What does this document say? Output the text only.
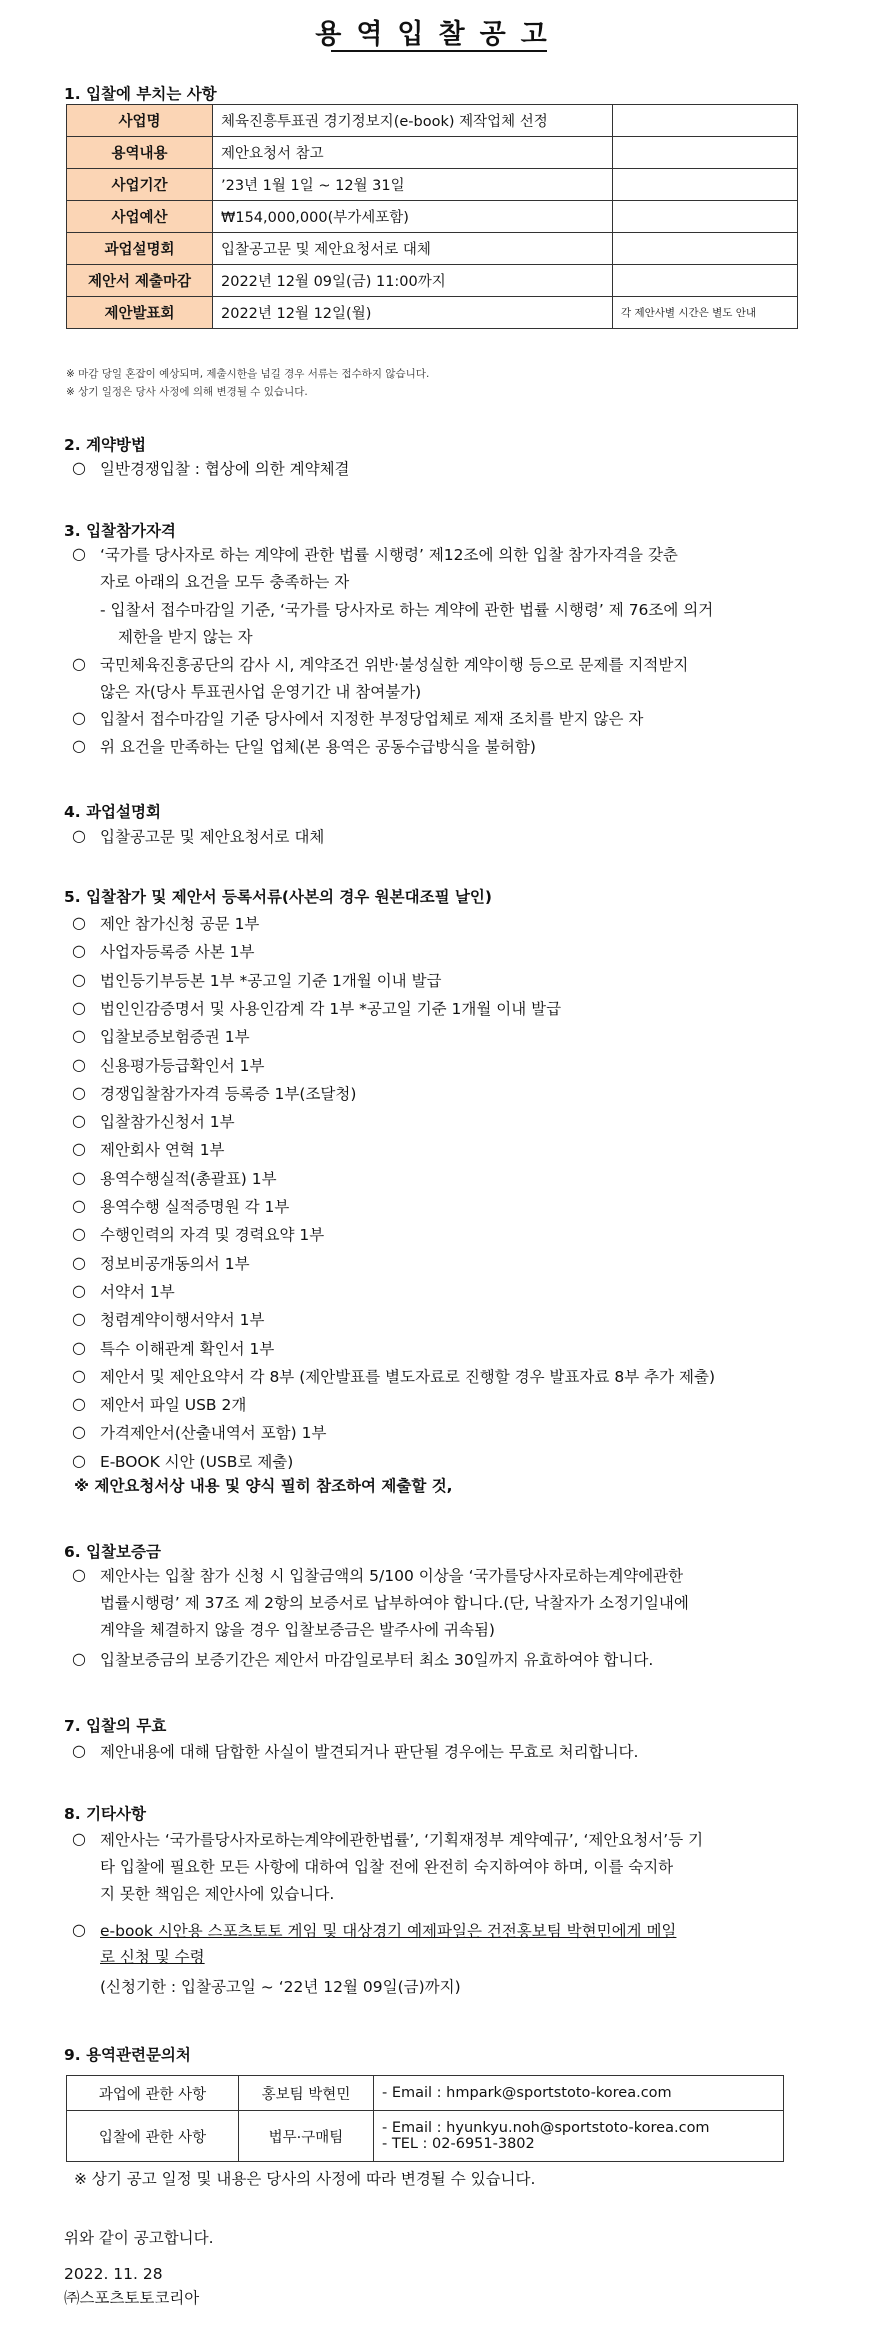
용역입찰공고
1. 입찰에 부치는 사항
사업명	체육진흥투표권 경기정보지(e-book) 제작업체 선정	
용역내용	제안요청서 참고	
사업기간	’23년 1월 1일 ~ 12월 31일	
사업예산	₩154,000,000(부가세포함)	
과업설명회	입찰공고문 및 제안요청서로 대체	
제안서 제출마감	2022년 12월 09일(금) 11:00까지	
제안발표회	2022년 12월 12일(월)	각 제안사별 시간은 별도 안내
※ 마감 당일 혼잡이 예상되며, 제출시한을 넘길 경우 서류는 접수하지 않습니다.
※ 상기 일정은 당사 사정에 의해 변경될 수 있습니다.
2. 계약방법
○ 일반경쟁입찰 : 협상에 의한 계약체결
3. 입찰참가자격
○ ‘국가를 당사자로 하는 계약에 관한 법률 시행령’ 제12조에 의한 입찰 참가자격을 갖춘
자로 아래의 요건을 모두 충족하는 자
- 입찰서 접수마감일 기준, ‘국가를 당사자로 하는 계약에 관한 법률 시행령’ 제 76조에 의거
제한을 받지 않는 자
○ 국민체육진흥공단의 감사 시, 계약조건 위반·불성실한 계약이행 등으로 문제를 지적받지
않은 자(당사 투표권사업 운영기간 내 참여불가)
○ 입찰서 접수마감일 기준 당사에서 지정한 부정당업체로 제재 조치를 받지 않은 자
○ 위 요건을 만족하는 단일 업체(본 용역은 공동수급방식을 불허함)
4. 과업설명회
○ 입찰공고문 및 제안요청서로 대체
5. 입찰참가 및 제안서 등록서류(사본의 경우 원본대조필 날인)
○ 제안 참가신청 공문 1부
○ 사업자등록증 사본 1부
○ 법인등기부등본 1부 *공고일 기준 1개월 이내 발급
○ 법인인감증명서 및 사용인감계 각 1부 *공고일 기준 1개월 이내 발급
○ 입찰보증보험증권 1부
○ 신용평가등급확인서 1부
○ 경쟁입찰참가자격 등록증 1부(조달청)
○ 입찰참가신청서 1부
○ 제안회사 연혁 1부
○ 용역수행실적(총괄표) 1부
○ 용역수행 실적증명원 각 1부
○ 수행인력의 자격 및 경력요약 1부
○ 정보비공개동의서 1부
○ 서약서 1부
○ 청렴계약이행서약서 1부
○ 특수 이해관계 확인서 1부
○ 제안서 및 제안요약서 각 8부 (제안발표를 별도자료로 진행할 경우 발표자료 8부 추가 제출)
○ 제안서 파일 USB 2개
○ 가격제안서(산출내역서 포함) 1부
○ E-BOOK 시안 (USB로 제출)
※ 제안요청서상 내용 및 양식 필히 참조하여 제출할 것,
6. 입찰보증금
○ 제안사는 입찰 참가 신청 시 입찰금액의 5/100 이상을 ‘국가를당사자로하는계약에관한
법률시행령’ 제 37조 제 2항의 보증서로 납부하여야 합니다.(단, 낙찰자가 소정기일내에
계약을 체결하지 않을 경우 입찰보증금은 발주사에 귀속됨)
○ 입찰보증금의 보증기간은 제안서 마감일로부터 최소 30일까지 유효하여야 합니다.
7. 입찰의 무효
○ 제안내용에 대해 담합한 사실이 발견되거나 판단될 경우에는 무효로 처리합니다.
8. 기타사항
○ 제안사는 ‘국가를당사자로하는계약에관한법률’, ‘기획재정부 계약예규’, ‘제안요청서’등 기
타 입찰에 필요한 모든 사항에 대하여 입찰 전에 완전히 숙지하여야 하며, 이를 숙지하
지 못한 책임은 제안사에 있습니다.
○ e-book 시안용 스포츠토토 게임 및 대상경기 예제파일은 건전홍보팀 박현민에게 메일
로 신청 및 수령
(신청기한 : 입찰공고일 ~ ‘22년 12월 09일(금)까지)
9. 용역관련문의처
과업에 관한 사항	홍보팀 박현민	- Email : hmpark@sportstoto-korea.com
입찰에 관한 사항	법무·구매팀	- Email : hyunkyu.noh@sportstoto-korea.com
- TEL : 02-6951-3802
※ 상기 공고 일정 및 내용은 당사의 사정에 따라 변경될 수 있습니다.
위와 같이 공고합니다.
2022. 11. 28
㈜스포츠토토코리아
